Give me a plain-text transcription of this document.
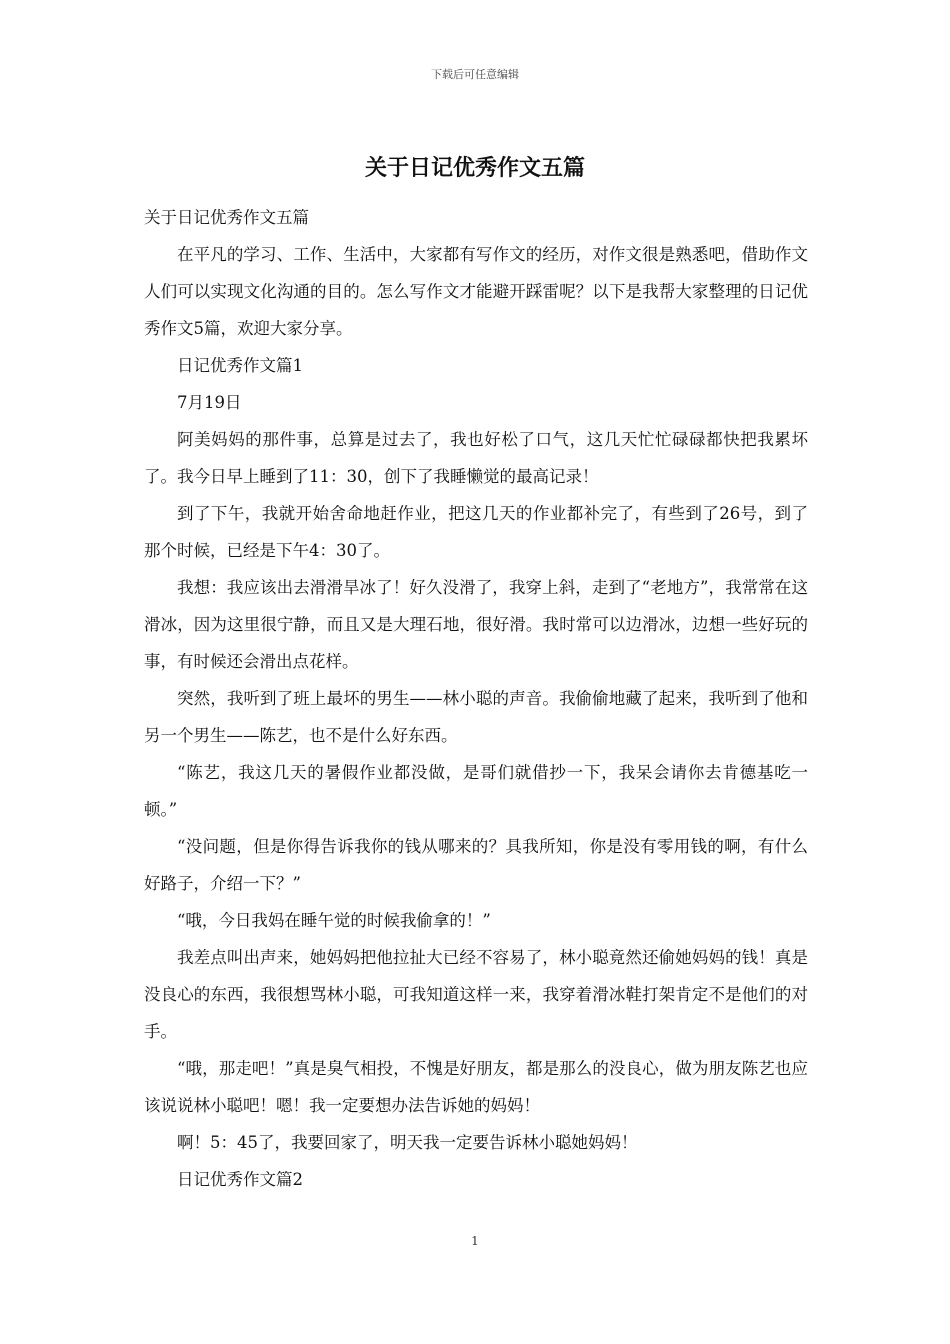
下载后可任意编辑
关于日记优秀作文五篇

关于日记优秀作文五篇

在平凡的学习、工作、生活中，大家都有写作文的经历，对作文很是熟悉吧，借助作文人们可以实现文化沟通的目的。怎么写作文才能避开踩雷呢？以下是我帮大家整理的日记优秀作文5篇，欢迎大家分享。

日记优秀作文篇1

7月19日

阿美妈妈的那件事，总算是过去了，我也好松了口气，这几天忙忙碌碌都快把我累坏了。我今日早上睡到了11：30，创下了我睡懒觉的最高记录！

到了下午，我就开始舍命地赶作业，把这几天的作业都补完了，有些到了26号，到了那个时候，已经是下午4：30了。

我想：我应该出去滑滑旱冰了！好久没滑了，我穿上斜，走到了“老地方”，我常常在这滑冰，因为这里很宁静，而且又是大理石地，很好滑。我时常可以边滑冰，边想一些好玩的事，有时候还会滑出点花样。

突然，我听到了班上最坏的男生——林小聪的声音。我偷偷地藏了起来，我听到了他和另一个男生——陈艺，也不是什么好东西。

“陈艺，我这几天的暑假作业都没做，是哥们就借抄一下，我呆会请你去肯德基吃一顿。”

“没问题，但是你得告诉我你的钱从哪来的？具我所知，你是没有零用钱的啊，有什么好路子，介绍一下？”

“哦，今日我妈在睡午觉的时候我偷拿的！”

我差点叫出声来，她妈妈把他拉扯大已经不容易了，林小聪竟然还偷她妈妈的钱！真是没良心的东西，我很想骂林小聪，可我知道这样一来，我穿着滑冰鞋打架肯定不是他们的对手。

“哦，那走吧！”真是臭气相投，不愧是好朋友，都是那么的没良心，做为朋友陈艺也应该说说林小聪吧！嗯！我一定要想办法告诉她的妈妈！

啊！5：45了，我要回家了，明天我一定要告诉林小聪她妈妈！

日记优秀作文篇2

1
